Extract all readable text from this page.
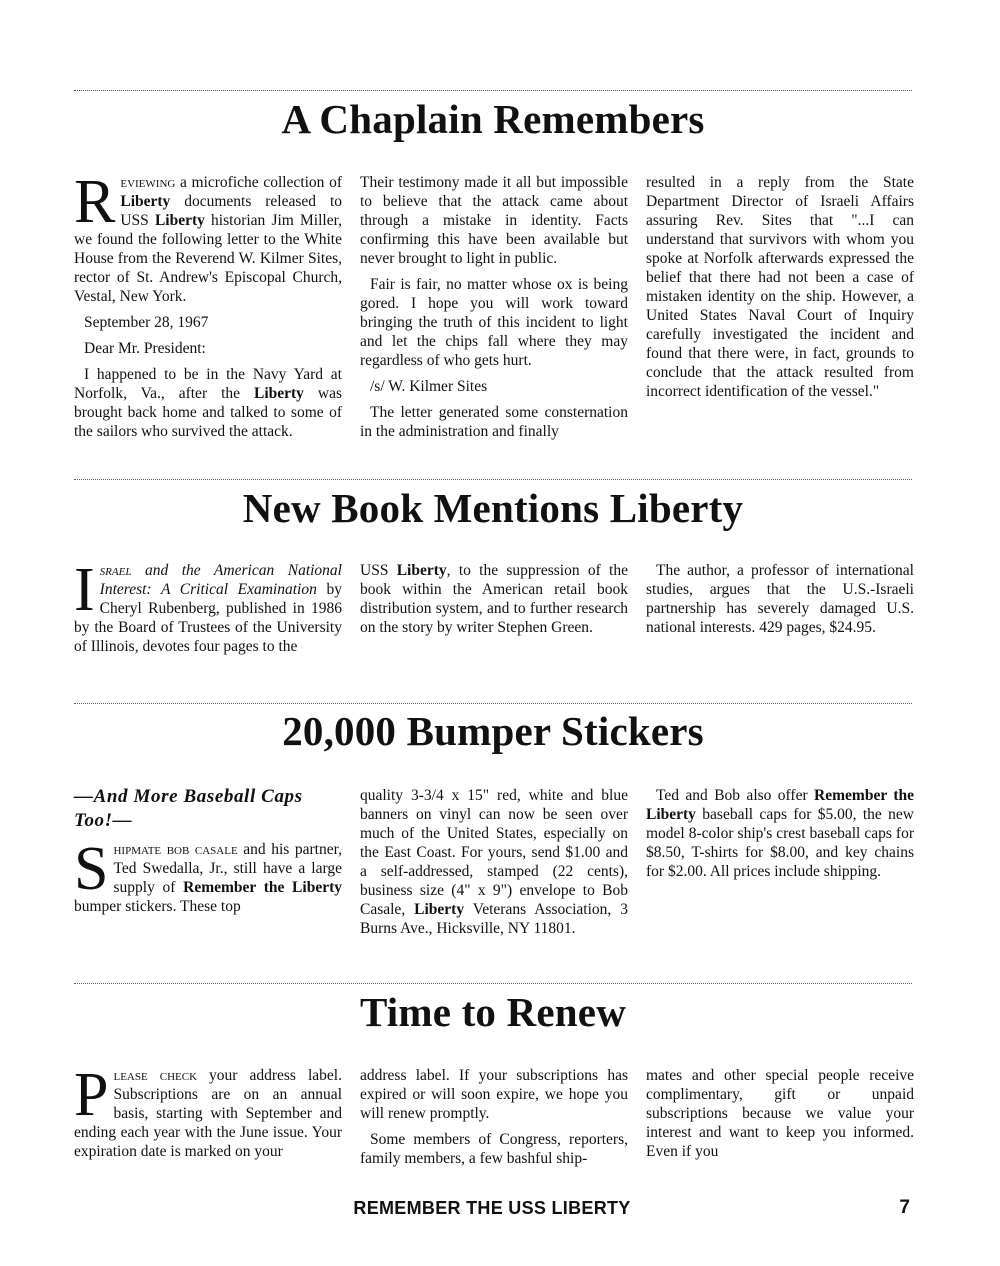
A Chaplain Remembers

Reviewing a microfiche collection of Liberty documents released to USS Liberty historian Jim Miller, we found the following letter to the White House from the Reverend W. Kilmer Sites, rector of St. Andrew's Episcopal Church, Vestal, New York.

September 28, 1967

Dear Mr. President:

I happened to be in the Navy Yard at Norfolk, Va., after the Liberty was brought back home and talked to some of the sailors who survived the attack.

Their testimony made it all but impossible to believe that the attack came about through a mistake in identity. Facts confirming this have been available but never brought to light in public.

Fair is fair, no matter whose ox is being gored. I hope you will work toward bringing the truth of this incident to light and let the chips fall where they may regardless of who gets hurt.

/s/ W. Kilmer Sites

The letter generated some consternation in the administration and finally

resulted in a reply from the State Department Director of Israeli Affairs assuring Rev. Sites that "...I can understand that survivors with whom you spoke at Norfolk afterwards expressed the belief that there had not been a case of mistaken identity on the ship. However, a United States Naval Court of Inquiry carefully investigated the incident and found that there were, in fact, grounds to conclude that the attack resulted from incorrect identification of the vessel."

New Book Mentions Liberty

Israel and the American National Interest: A Critical Examination by Cheryl Rubenberg, published in 1986 by the Board of Trustees of the University of Illinois, devotes four pages to the

USS Liberty, to the suppression of the book within the American retail book distribution system, and to further research on the story by writer Stephen Green.

The author, a professor of international studies, argues that the U.S.-Israeli partnership has severely damaged U.S. national interests. 429 pages, $24.95.

20,000 Bumper Stickers

—And More Baseball Caps Too!—

Shipmate bob casale and his partner, Ted Swedalla, Jr., still have a large supply of Remember the Liberty bumper stickers. These top

quality 3-3/4 x 15" red, white and blue banners on vinyl can now be seen over much of the United States, especially on the East Coast. For yours, send $1.00 and a self-addressed, stamped (22 cents), business size (4" x 9") envelope to Bob Casale, Liberty Veterans Association, 3 Burns Ave., Hicksville, NY 11801.

Ted and Bob also offer Remember the Liberty baseball caps for $5.00, the new model 8-color ship's crest baseball caps for $8.50, T-shirts for $8.00, and key chains for $2.00. All prices include shipping.

Time to Renew

Please check your address label. Subscriptions are on an annual basis, starting with September and ending each year with the June issue. Your expiration date is marked on your

address label. If your subscriptions has expired or will soon expire, we hope you will renew promptly.

Some members of Congress, reporters, family members, a few bashful ship-

mates and other special people receive complimentary, gift or unpaid subscriptions because we value your interest and want to keep you informed. Even if you

REMEMBER THE USS LIBERTY	7
